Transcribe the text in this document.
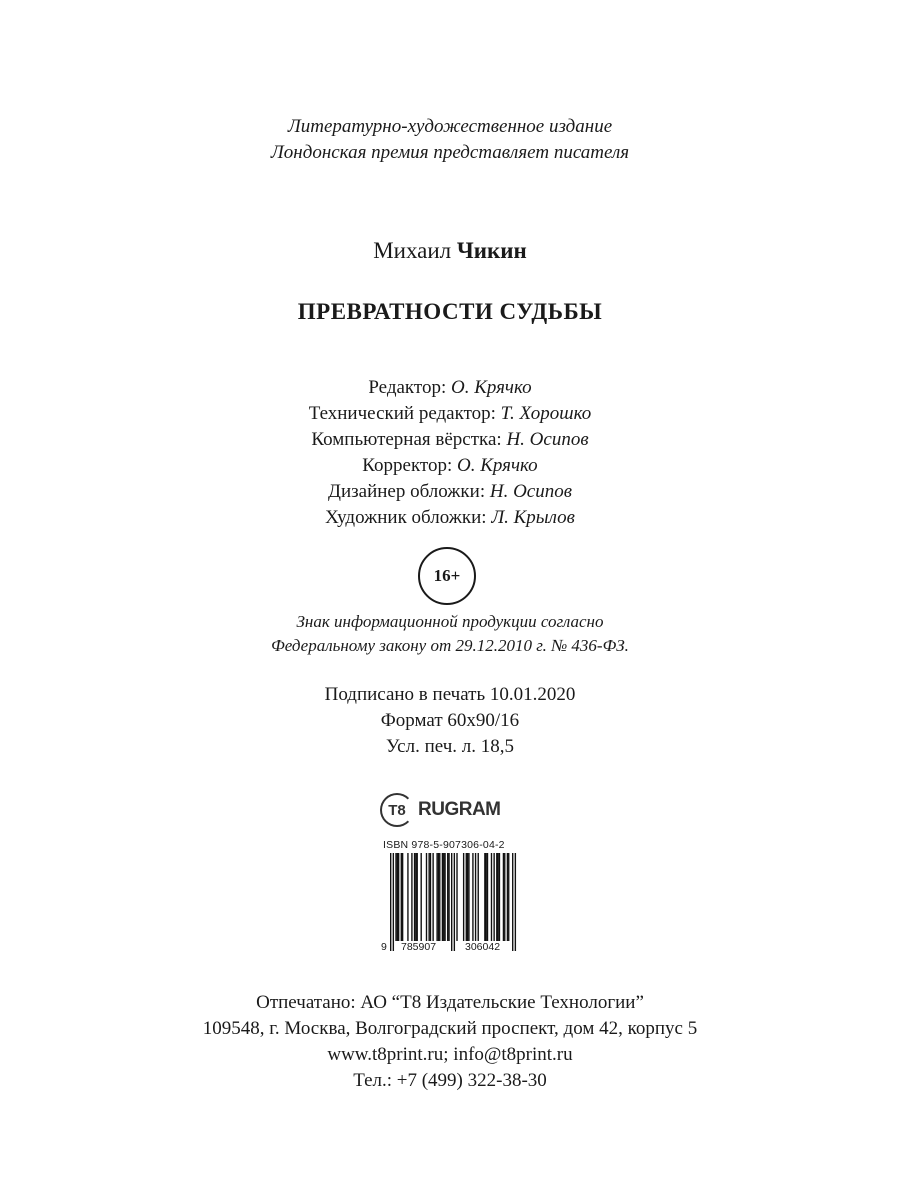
Литературно-художественное издание
Лондонская премия представляет писателя
Михаил Чикин
ПРЕВРАТНОСТИ СУДЬБЫ
Редактор: О. Крячко
Технический редактор: Т. Хорошко
Компьютерная вёрстка: Н. Осипов
Корректор: О. Крячко
Дизайнер обложки: Н. Осипов
Художник обложки: Л. Крылов
16+
Знак информационной продукции согласно
Федеральному закону от 29.12.2010 г. № 436-ФЗ.
Подписано в печать 10.01.2020
Формат 60x90/16
Усл. печ. л. 18,5
T8 RUGRAM
ISBN 978-5-907306-04-2
9 785907	306042
Отпечатано: АО “Т8 Издательские Технологии”
109548, г. Москва, Волгоградский проспект, дом 42, корпус 5
www.t8print.ru; info@t8print.ru
Тел.: +7 (499) 322-38-30
